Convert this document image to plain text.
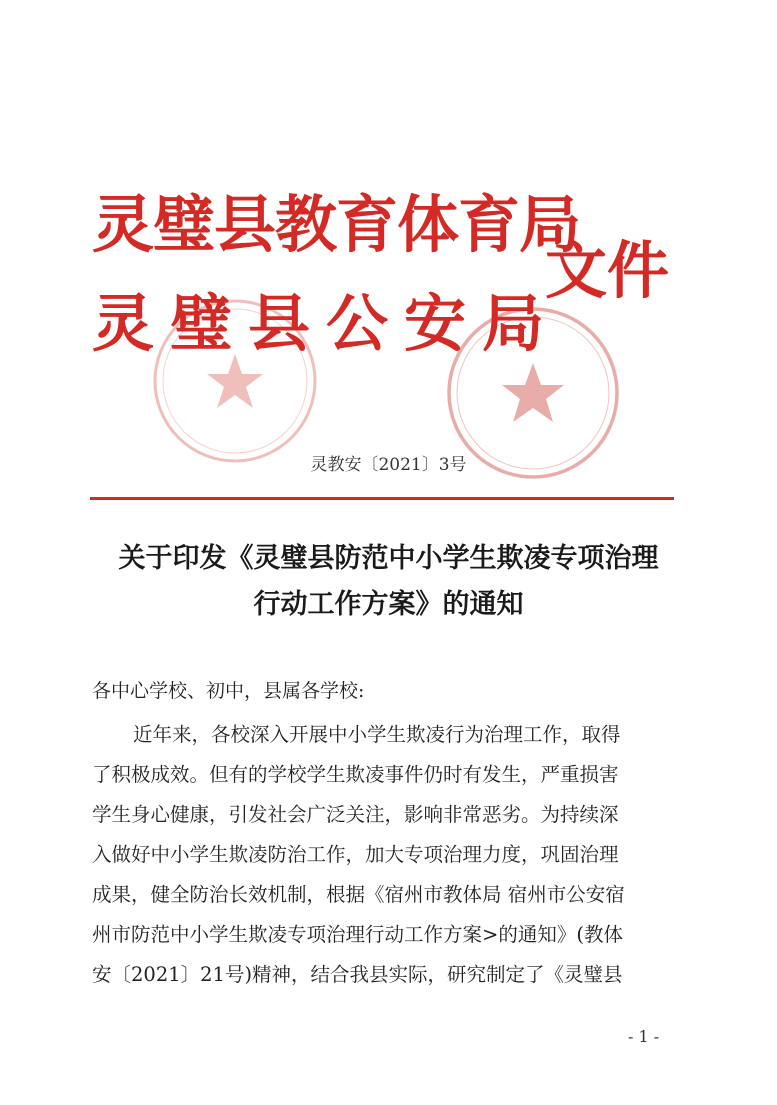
灵璧县教育体育局
灵璧县公安局
文件
灵教安〔2021〕3号
关于印发《灵璧县防范中小学生欺凌专项治理
行动工作方案》的通知
各中心学校、初中，县属各学校:
近年来，各校深入开展中小学生欺凌行为治理工作，取得
了积极成效。但有的学校学生欺凌事件仍时有发生，严重损害
学生身心健康，引发社会广泛关注，影响非常恶劣。为持续深
入做好中小学生欺凌防治工作，加大专项治理力度，巩固治理
成果，健全防治长效机制，根据《宿州市教体局 宿州市公安宿
州市防范中小学生欺凌专项治理行动工作方案>的通知》(教体
安〔2021〕21号)精神，结合我县实际，研究制定了《灵璧县
- 1 -
